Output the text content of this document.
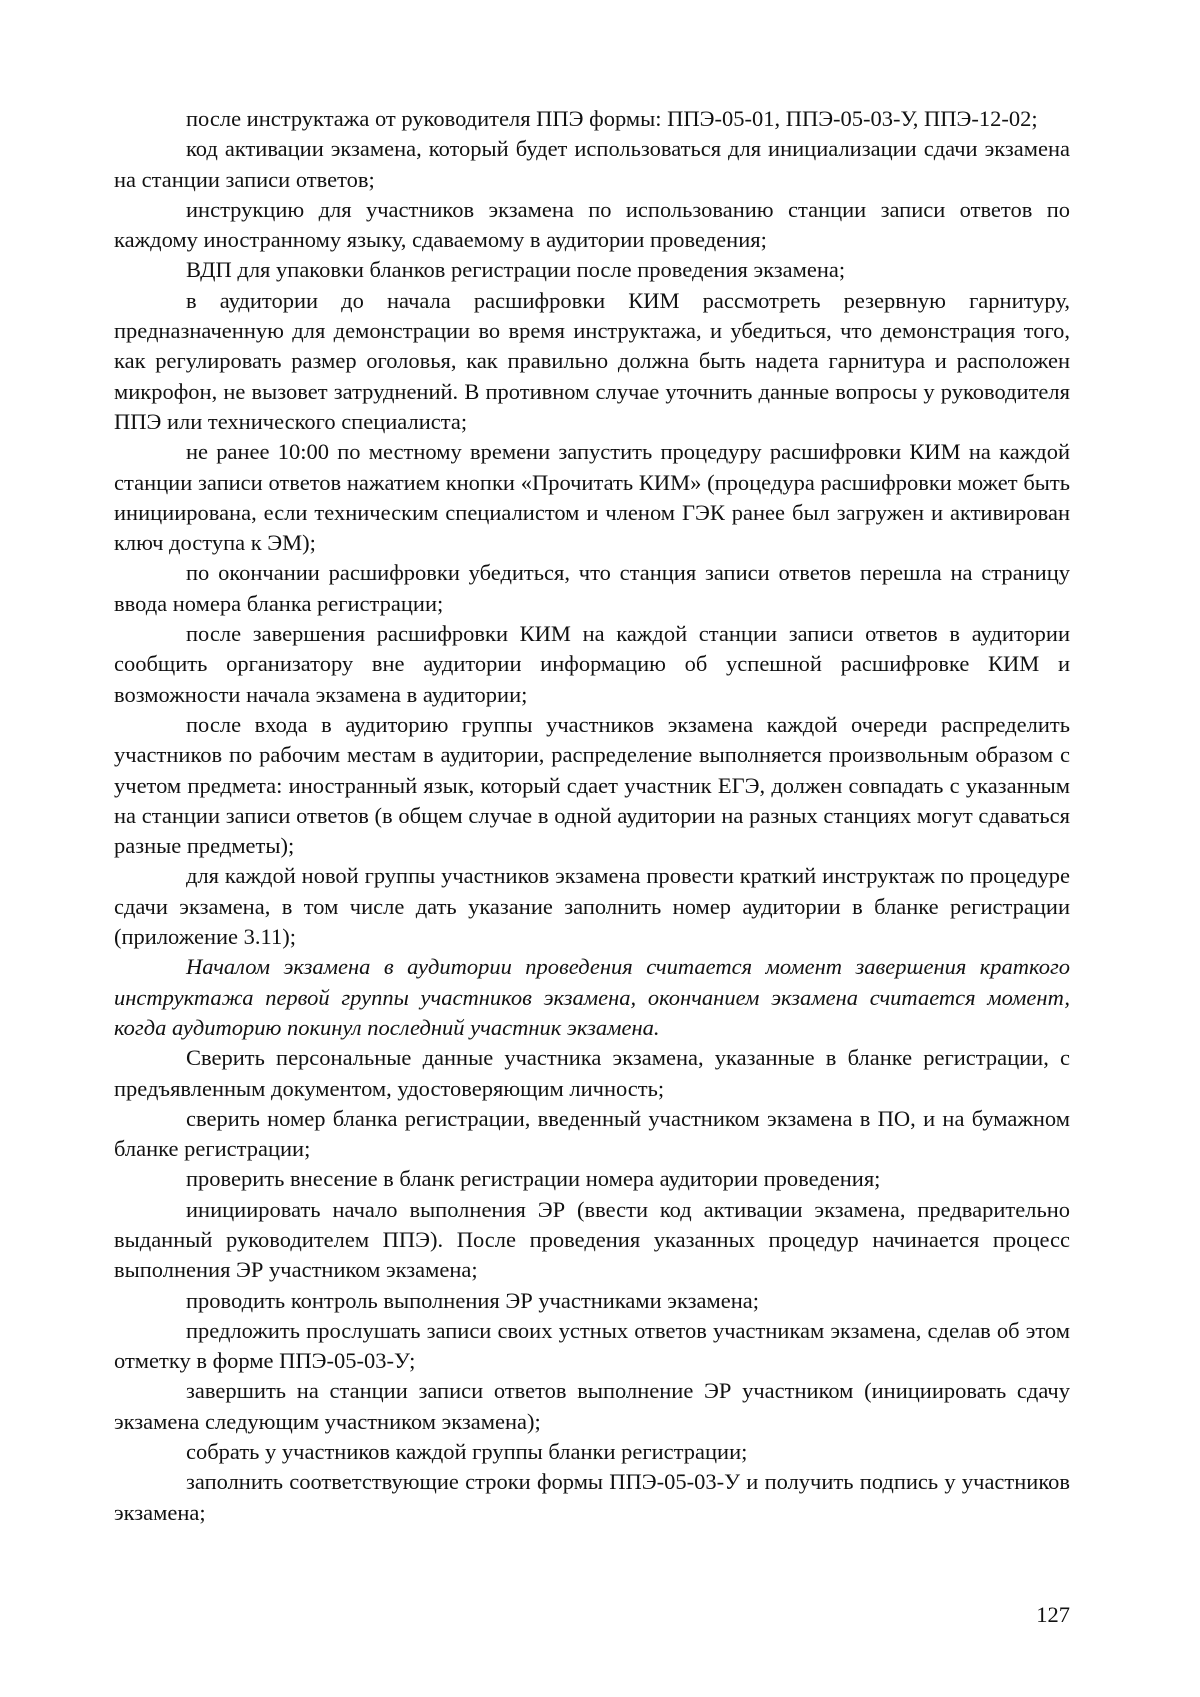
после инструктажа от руководителя ППЭ формы: ППЭ-05-01, ППЭ-05-03-У, ППЭ-12-02;

код активации экзамена, который будет использоваться для инициализации сдачи экзамена на станции записи ответов;

инструкцию для участников экзамена по использованию станции записи ответов по каждому иностранному языку, сдаваемому в аудитории проведения;

ВДП для упаковки бланков регистрации после проведения экзамена;

в аудитории до начала расшифровки КИМ рассмотреть резервную гарнитуру, предназначенную для демонстрации во время инструктажа, и убедиться, что демонстрация того, как регулировать размер оголовья, как правильно должна быть надета гарнитура и расположен микрофон, не вызовет затруднений. В противном случае уточнить данные вопросы у руководителя ППЭ или технического специалиста;

не ранее 10:00 по местному времени запустить процедуру расшифровки КИМ на каждой станции записи ответов нажатием кнопки «Прочитать КИМ» (процедура расшифровки может быть инициирована, если техническим специалистом и членом ГЭК ранее был загружен и активирован ключ доступа к ЭМ);

по окончании расшифровки убедиться, что станция записи ответов перешла на страницу ввода номера бланка регистрации;

после завершения расшифровки КИМ на каждой станции записи ответов в аудитории сообщить организатору вне аудитории информацию об успешной расшифровке КИМ и возможности начала экзамена в аудитории;

после входа в аудиторию группы участников экзамена каждой очереди распределить участников по рабочим местам в аудитории, распределение выполняется произвольным образом с учетом предмета: иностранный язык, который сдает участник ЕГЭ, должен совпадать с указанным на станции записи ответов (в общем случае в одной аудитории на разных станциях могут сдаваться разные предметы);

для каждой новой группы участников экзамена провести краткий инструктаж по процедуре сдачи экзамена, в том числе дать указание заполнить номер аудитории в бланке регистрации (приложение 3.11);

Началом экзамена в аудитории проведения считается момент завершения краткого инструктажа первой группы участников экзамена, окончанием экзамена считается момент, когда аудиторию покинул последний участник экзамена.

Сверить персональные данные участника экзамена, указанные в бланке регистрации, с предъявленным документом, удостоверяющим личность;

сверить номер бланка регистрации, введенный участником экзамена в ПО, и на бумажном бланке регистрации;

проверить внесение в бланк регистрации номера аудитории проведения;

инициировать начало выполнения ЭР (ввести код активации экзамена, предварительно выданный руководителем ППЭ). После проведения указанных процедур начинается процесс выполнения ЭР участником экзамена;

проводить контроль выполнения ЭР участниками экзамена;

предложить прослушать записи своих устных ответов участникам экзамена, сделав об этом отметку в форме ППЭ-05-03-У;

завершить на станции записи ответов выполнение ЭР участником (инициировать сдачу экзамена следующим участником экзамена);

собрать у участников каждой группы бланки регистрации;

заполнить соответствующие строки формы ППЭ-05-03-У и получить подпись у участников экзамена;

127
